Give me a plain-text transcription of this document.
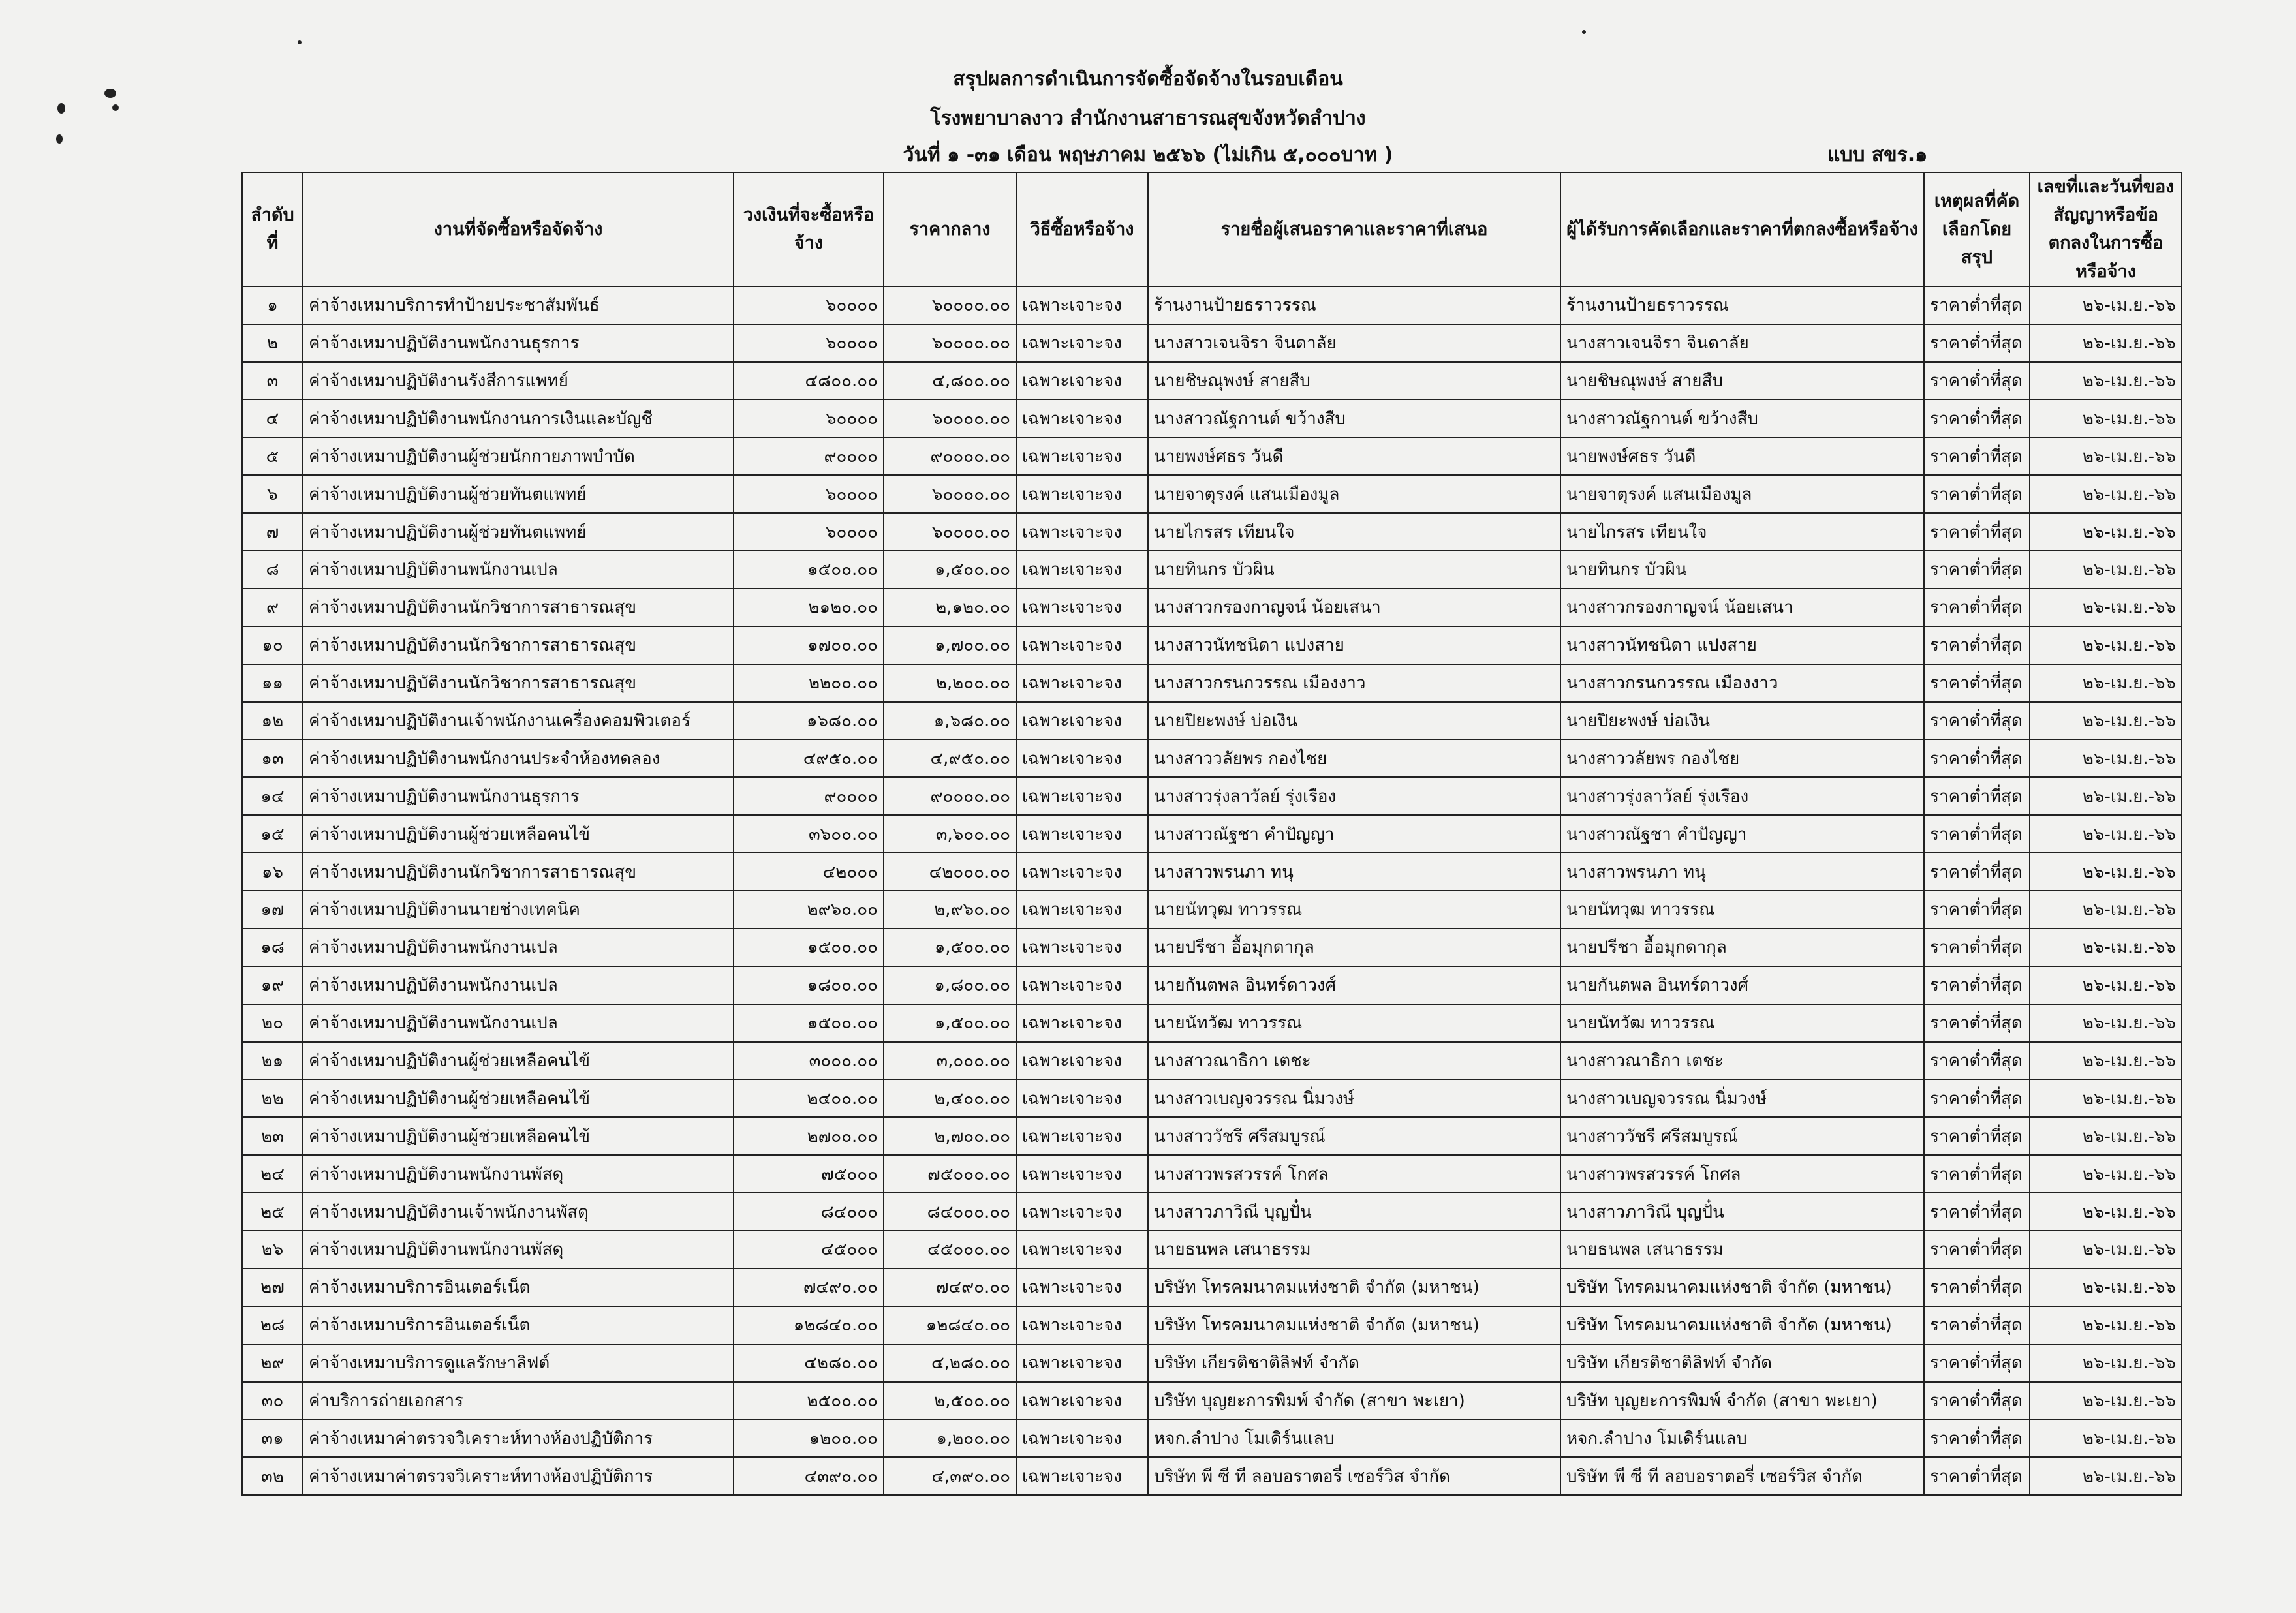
สรุปผลการดำเนินการจัดซื้อจัดจ้างในรอบเดือน
โรงพยาบาลงาว สำนักงานสาธารณสุขจังหวัดลำปาง
วันที่ ๑ -๓๑ เดือน พฤษภาคม ๒๕๖๖ (ไม่เกิน ๕,๐๐๐บาท )	แบบ สขร.๑
ลำดับที่	งานที่จัดซื้อหรือจัดจ้าง	วงเงินที่จะซื้อหรือจ้าง	ราคากลาง	วิธีซื้อหรือจ้าง	รายชื่อผู้เสนอราคาและราคาที่เสนอ	ผู้ได้รับการคัดเลือกและราคาที่ตกลงซื้อหรือจ้าง	เหตุผลที่คัดเลือกโดยสรุป	เลขที่และวันที่ของสัญญาหรือข้อตกลงในการซื้อหรือจ้าง
๑	ค่าจ้างเหมาบริการทำป้ายประชาสัมพันธ์	๖๐๐๐๐	๖๐๐๐๐.๐๐	เฉพาะเจาะจง	ร้านงานป้ายธราวรรณ	ร้านงานป้ายธราวรรณ	ราคาต่ำที่สุด	๒๖-เม.ย.-๖๖
๒	ค่าจ้างเหมาปฏิบัติงานพนักงานธุรการ	๖๐๐๐๐	๖๐๐๐๐.๐๐	เฉพาะเจาะจง	นางสาวเจนจิรา จินดาลัย	นางสาวเจนจิรา จินดาลัย	ราคาต่ำที่สุด	๒๖-เม.ย.-๖๖
๓	ค่าจ้างเหมาปฏิบัติงานรังสีการแพทย์	๔๘๐๐.๐๐	๔,๘๐๐.๐๐	เฉพาะเจาะจง	นายชิษณุพงษ์ สายสืบ	นายชิษณุพงษ์ สายสืบ	ราคาต่ำที่สุด	๒๖-เม.ย.-๖๖
๔	ค่าจ้างเหมาปฏิบัติงานพนักงานการเงินและบัญชี	๖๐๐๐๐	๖๐๐๐๐.๐๐	เฉพาะเจาะจง	นางสาวณัฐกานต์ ขว้างสืบ	นางสาวณัฐกานต์ ขว้างสืบ	ราคาต่ำที่สุด	๒๖-เม.ย.-๖๖
๕	ค่าจ้างเหมาปฏิบัติงานผู้ช่วยนักกายภาพบำบัด	๙๐๐๐๐	๙๐๐๐๐.๐๐	เฉพาะเจาะจง	นายพงษ์ศธร วันดี	นายพงษ์ศธร วันดี	ราคาต่ำที่สุด	๒๖-เม.ย.-๖๖
๖	ค่าจ้างเหมาปฏิบัติงานผู้ช่วยทันตแพทย์	๖๐๐๐๐	๖๐๐๐๐.๐๐	เฉพาะเจาะจง	นายจาตุรงค์ แสนเมืองมูล	นายจาตุรงค์ แสนเมืองมูล	ราคาต่ำที่สุด	๒๖-เม.ย.-๖๖
๗	ค่าจ้างเหมาปฏิบัติงานผู้ช่วยทันตแพทย์	๖๐๐๐๐	๖๐๐๐๐.๐๐	เฉพาะเจาะจง	นายไกรสร เทียนใจ	นายไกรสร เทียนใจ	ราคาต่ำที่สุด	๒๖-เม.ย.-๖๖
๘	ค่าจ้างเหมาปฏิบัติงานพนักงานเปล	๑๕๐๐.๐๐	๑,๕๐๐.๐๐	เฉพาะเจาะจง	นายทินกร บัวผิน	นายทินกร บัวผิน	ราคาต่ำที่สุด	๒๖-เม.ย.-๖๖
๙	ค่าจ้างเหมาปฏิบัติงานนักวิชาการสาธารณสุข	๒๑๒๐.๐๐	๒,๑๒๐.๐๐	เฉพาะเจาะจง	นางสาวกรองกาญจน์ น้อยเสนา	นางสาวกรองกาญจน์ น้อยเสนา	ราคาต่ำที่สุด	๒๖-เม.ย.-๖๖
๑๐	ค่าจ้างเหมาปฏิบัติงานนักวิชาการสาธารณสุข	๑๗๐๐.๐๐	๑,๗๐๐.๐๐	เฉพาะเจาะจง	นางสาวนัทชนิดา แปงสาย	นางสาวนัทชนิดา แปงสาย	ราคาต่ำที่สุด	๒๖-เม.ย.-๖๖
๑๑	ค่าจ้างเหมาปฏิบัติงานนักวิชาการสาธารณสุข	๒๒๐๐.๐๐	๒,๒๐๐.๐๐	เฉพาะเจาะจง	นางสาวกรนกวรรณ เมืองงาว	นางสาวกรนกวรรณ เมืองงาว	ราคาต่ำที่สุด	๒๖-เม.ย.-๖๖
๑๒	ค่าจ้างเหมาปฏิบัติงานเจ้าพนักงานเครื่องคอมพิวเตอร์	๑๖๘๐.๐๐	๑,๖๘๐.๐๐	เฉพาะเจาะจง	นายปิยะพงษ์ บ่อเงิน	นายปิยะพงษ์ บ่อเงิน	ราคาต่ำที่สุด	๒๖-เม.ย.-๖๖
๑๓	ค่าจ้างเหมาปฏิบัติงานพนักงานประจำห้องทดลอง	๔๙๕๐.๐๐	๔,๙๕๐.๐๐	เฉพาะเจาะจง	นางสาววลัยพร กองไชย	นางสาววลัยพร กองไชย	ราคาต่ำที่สุด	๒๖-เม.ย.-๖๖
๑๔	ค่าจ้างเหมาปฏิบัติงานพนักงานธุรการ	๙๐๐๐๐	๙๐๐๐๐.๐๐	เฉพาะเจาะจง	นางสาวรุ่งลาวัลย์ รุ่งเรือง	นางสาวรุ่งลาวัลย์ รุ่งเรือง	ราคาต่ำที่สุด	๒๖-เม.ย.-๖๖
๑๕	ค่าจ้างเหมาปฏิบัติงานผู้ช่วยเหลือคนไข้	๓๖๐๐.๐๐	๓,๖๐๐.๐๐	เฉพาะเจาะจง	นางสาวณัฐชา คำปัญญา	นางสาวณัฐชา คำปัญญา	ราคาต่ำที่สุด	๒๖-เม.ย.-๖๖
๑๖	ค่าจ้างเหมาปฏิบัติงานนักวิชาการสาธารณสุข	๔๒๐๐๐	๔๒๐๐๐.๐๐	เฉพาะเจาะจง	นางสาวพรนภา ทนุ	นางสาวพรนภา ทนุ	ราคาต่ำที่สุด	๒๖-เม.ย.-๖๖
๑๗	ค่าจ้างเหมาปฏิบัติงานนายช่างเทคนิค	๒๙๖๐.๐๐	๒,๙๖๐.๐๐	เฉพาะเจาะจง	นายนัทวุฒ ทาวรรณ	นายนัทวุฒ ทาวรรณ	ราคาต่ำที่สุด	๒๖-เม.ย.-๖๖
๑๘	ค่าจ้างเหมาปฏิบัติงานพนักงานเปล	๑๕๐๐.๐๐	๑,๕๐๐.๐๐	เฉพาะเจาะจง	นายปรีชา อื้อมุกดากุล	นายปรีชา อื้อมุกดากุล	ราคาต่ำที่สุด	๒๖-เม.ย.-๖๖
๑๙	ค่าจ้างเหมาปฏิบัติงานพนักงานเปล	๑๘๐๐.๐๐	๑,๘๐๐.๐๐	เฉพาะเจาะจง	นายกันตพล อินทร์ดาวงศ์	นายกันตพล อินทร์ดาวงศ์	ราคาต่ำที่สุด	๒๖-เม.ย.-๖๖
๒๐	ค่าจ้างเหมาปฏิบัติงานพนักงานเปล	๑๕๐๐.๐๐	๑,๕๐๐.๐๐	เฉพาะเจาะจง	นายนัทวัฒ ทาวรรณ	นายนัทวัฒ ทาวรรณ	ราคาต่ำที่สุด	๒๖-เม.ย.-๖๖
๒๑	ค่าจ้างเหมาปฏิบัติงานผู้ช่วยเหลือคนไข้	๓๐๐๐.๐๐	๓,๐๐๐.๐๐	เฉพาะเจาะจง	นางสาวณาธิกา เตชะ	นางสาวณาธิกา เตชะ	ราคาต่ำที่สุด	๒๖-เม.ย.-๖๖
๒๒	ค่าจ้างเหมาปฏิบัติงานผู้ช่วยเหลือคนไข้	๒๔๐๐.๐๐	๒,๔๐๐.๐๐	เฉพาะเจาะจง	นางสาวเบญจวรรณ นิ่มวงษ์	นางสาวเบญจวรรณ นิ่มวงษ์	ราคาต่ำที่สุด	๒๖-เม.ย.-๖๖
๒๓	ค่าจ้างเหมาปฏิบัติงานผู้ช่วยเหลือคนไข้	๒๗๐๐.๐๐	๒,๗๐๐.๐๐	เฉพาะเจาะจง	นางสาววัชรี ศรีสมบูรณ์	นางสาววัชรี ศรีสมบูรณ์	ราคาต่ำที่สุด	๒๖-เม.ย.-๖๖
๒๔	ค่าจ้างเหมาปฏิบัติงานพนักงานพัสดุ	๗๕๐๐๐	๗๕๐๐๐.๐๐	เฉพาะเจาะจง	นางสาวพรสวรรค์ โกศล	นางสาวพรสวรรค์ โกศล	ราคาต่ำที่สุด	๒๖-เม.ย.-๖๖
๒๕	ค่าจ้างเหมาปฏิบัติงานเจ้าพนักงานพัสดุ	๘๔๐๐๐	๘๔๐๐๐.๐๐	เฉพาะเจาะจง	นางสาวภาวิณี บุญปั๋น	นางสาวภาวิณี บุญปั๋น	ราคาต่ำที่สุด	๒๖-เม.ย.-๖๖
๒๖	ค่าจ้างเหมาปฏิบัติงานพนักงานพัสดุ	๔๕๐๐๐	๔๕๐๐๐.๐๐	เฉพาะเจาะจง	นายธนพล เสนาธรรม	นายธนพล เสนาธรรม	ราคาต่ำที่สุด	๒๖-เม.ย.-๖๖
๒๗	ค่าจ้างเหมาบริการอินเตอร์เน็ต	๗๔๙๐.๐๐	๗๔๙๐.๐๐	เฉพาะเจาะจง	บริษัท โทรคมนาคมแห่งชาติ จำกัด (มหาชน)	บริษัท โทรคมนาคมแห่งชาติ จำกัด (มหาชน)	ราคาต่ำที่สุด	๒๖-เม.ย.-๖๖
๒๘	ค่าจ้างเหมาบริการอินเตอร์เน็ต	๑๒๘๔๐.๐๐	๑๒๘๔๐.๐๐	เฉพาะเจาะจง	บริษัท โทรคมนาคมแห่งชาติ จำกัด (มหาชน)	บริษัท โทรคมนาคมแห่งชาติ จำกัด (มหาชน)	ราคาต่ำที่สุด	๒๖-เม.ย.-๖๖
๒๙	ค่าจ้างเหมาบริการดูแลรักษาลิฟต์	๔๒๘๐.๐๐	๔,๒๘๐.๐๐	เฉพาะเจาะจง	บริษัท เกียรติชาติลิฟท์ จำกัด	บริษัท เกียรติชาติลิฟท์ จำกัด	ราคาต่ำที่สุด	๒๖-เม.ย.-๖๖
๓๐	ค่าบริการถ่ายเอกสาร	๒๕๐๐.๐๐	๒,๕๐๐.๐๐	เฉพาะเจาะจง	บริษัท บุญยะการพิมพ์ จำกัด (สาขา พะเยา)	บริษัท บุญยะการพิมพ์ จำกัด (สาขา พะเยา)	ราคาต่ำที่สุด	๒๖-เม.ย.-๖๖
๓๑	ค่าจ้างเหมาค่าตรวจวิเคราะห์ทางห้องปฏิบัติการ	๑๒๐๐.๐๐	๑,๒๐๐.๐๐	เฉพาะเจาะจง	หจก.ลำปาง โมเดิร์นแลบ	หจก.ลำปาง โมเดิร์นแลบ	ราคาต่ำที่สุด	๒๖-เม.ย.-๖๖
๓๒	ค่าจ้างเหมาค่าตรวจวิเคราะห์ทางห้องปฏิบัติการ	๔๓๙๐.๐๐	๔,๓๙๐.๐๐	เฉพาะเจาะจง	บริษัท พี ซี ที ลอบอราตอรี่ เซอร์วิส จำกัด	บริษัท พี ซี ที ลอบอราตอรี่ เซอร์วิส จำกัด	ราคาต่ำที่สุด	๒๖-เม.ย.-๖๖
